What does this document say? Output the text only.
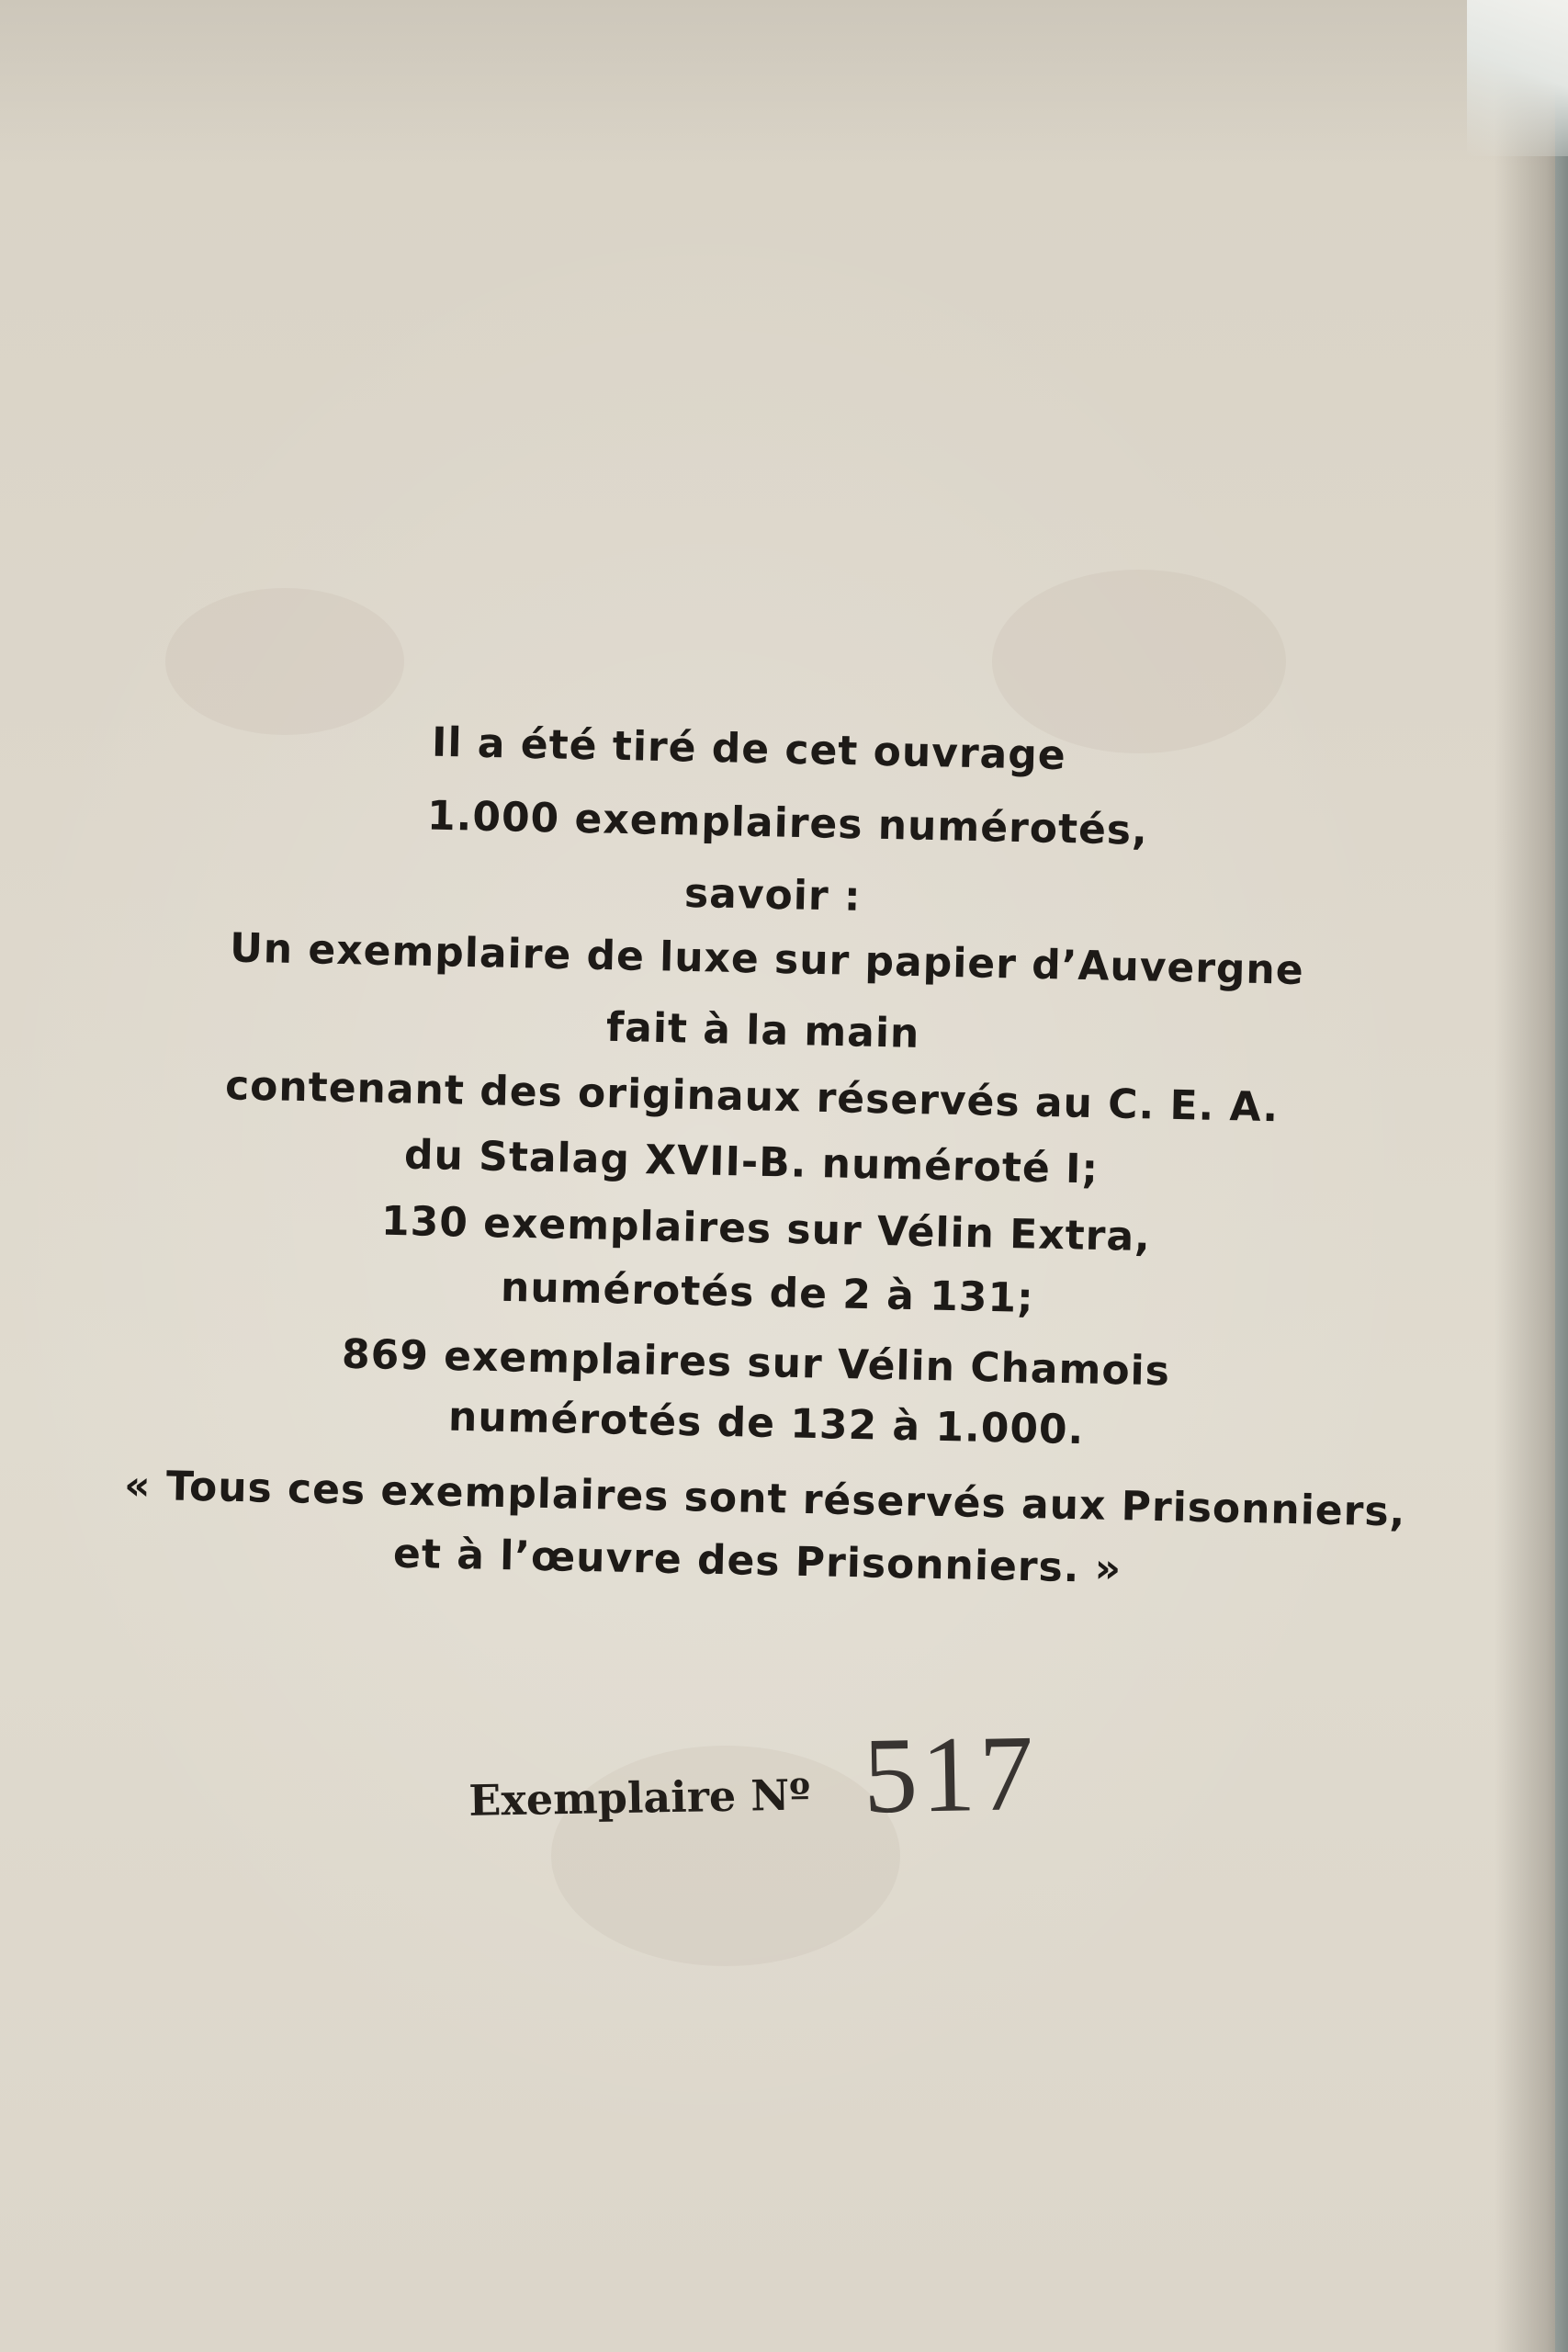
Il a été tiré de cet ouvrage
1.000 exemplaires numérotés,
savoir :
Un exemplaire de luxe sur papier d’Auvergne
fait à la main
contenant des originaux réservés au C. E. A.
du Stalag XVII-B. numéroté I;
130 exemplaires sur Vélin Extra,
numérotés de 2 à 131;
869 exemplaires sur Vélin Chamois
numérotés de 132 à 1.000.
« Tous ces exemplaires sont réservés aux Prisonniers,
et à l’œuvre des Prisonniers. »
Exemplaire Nº 517
